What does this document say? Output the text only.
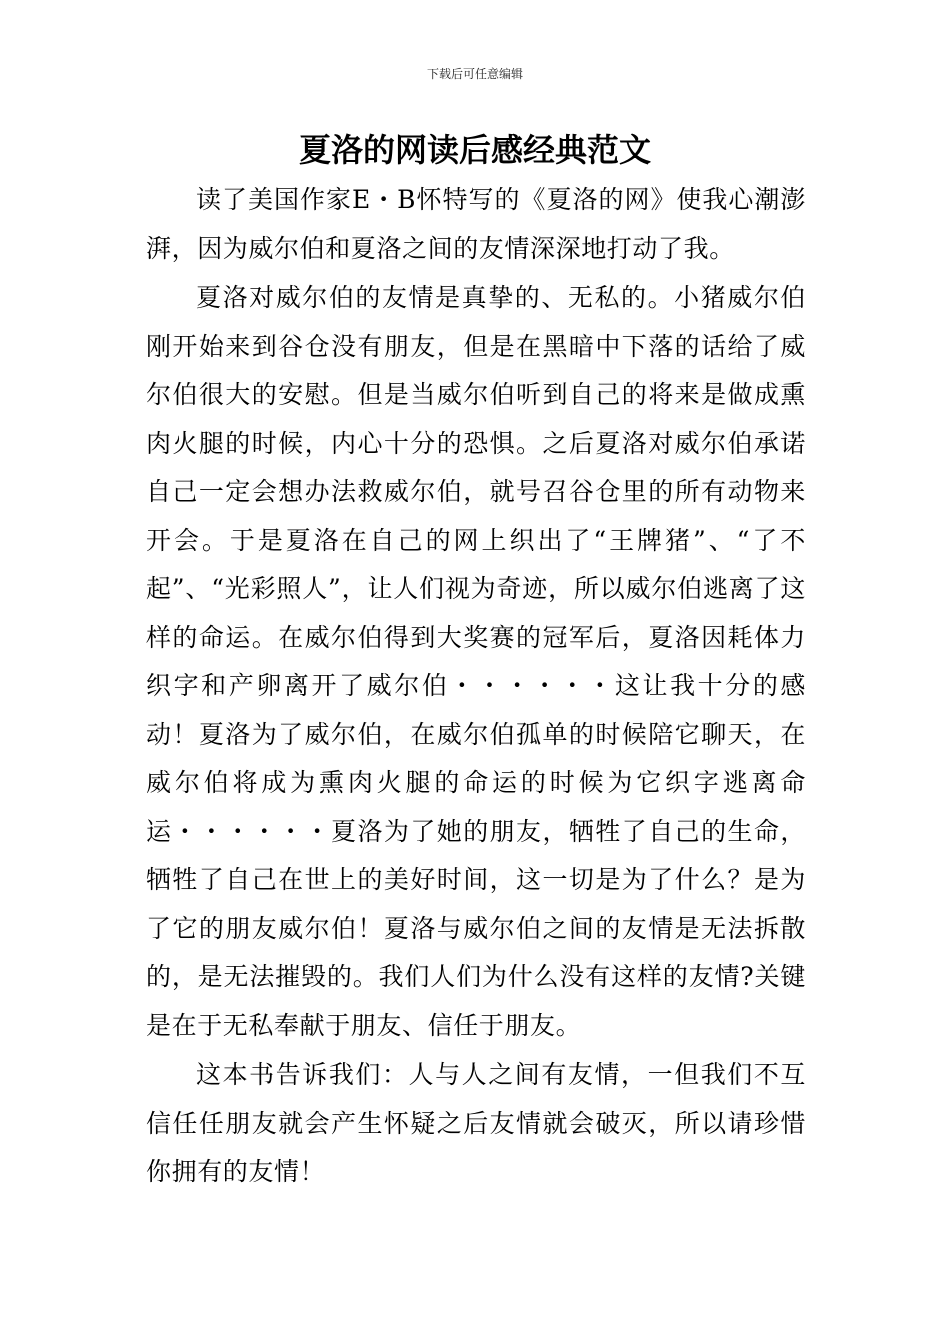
下载后可任意编辑
夏洛的网读后感经典范文

读了美国作家E・B怀特写的《夏洛的网》使我心潮澎湃，因为威尔伯和夏洛之间的友情深深地打动了我。

夏洛对威尔伯的友情是真挚的、无私的。小猪威尔伯刚开始来到谷仓没有朋友，但是在黑暗中下落的话给了威尔伯很大的安慰。但是当威尔伯听到自己的将来是做成熏肉火腿的时候，内心十分的恐惧。之后夏洛对威尔伯承诺自己一定会想办法救威尔伯，就号召谷仓里的所有动物来开会。于是夏洛在自己的网上织出了“王牌猪”、“了不起”、“光彩照人”，让人们视为奇迹，所以威尔伯逃离了这样的命运。在威尔伯得到大奖赛的冠军后，夏洛因耗体力织字和产卵离开了威尔伯・・・・・・这让我十分的感动！夏洛为了威尔伯，在威尔伯孤单的时候陪它聊天，在威尔伯将成为熏肉火腿的命运的时候为它织字逃离命运・・・・・・夏洛为了她的朋友，牺牲了自己的生命，牺牲了自己在世上的美好时间，这一切是为了什么？是为了它的朋友威尔伯！夏洛与威尔伯之间的友情是无法拆散的，是无法摧毁的。我们人们为什么没有这样的友情?关键是在于无私奉献于朋友、信任于朋友。

这本书告诉我们：人与人之间有友情，一但我们不互信任任朋友就会产生怀疑之后友情就会破灭，所以请珍惜你拥有的友情！
